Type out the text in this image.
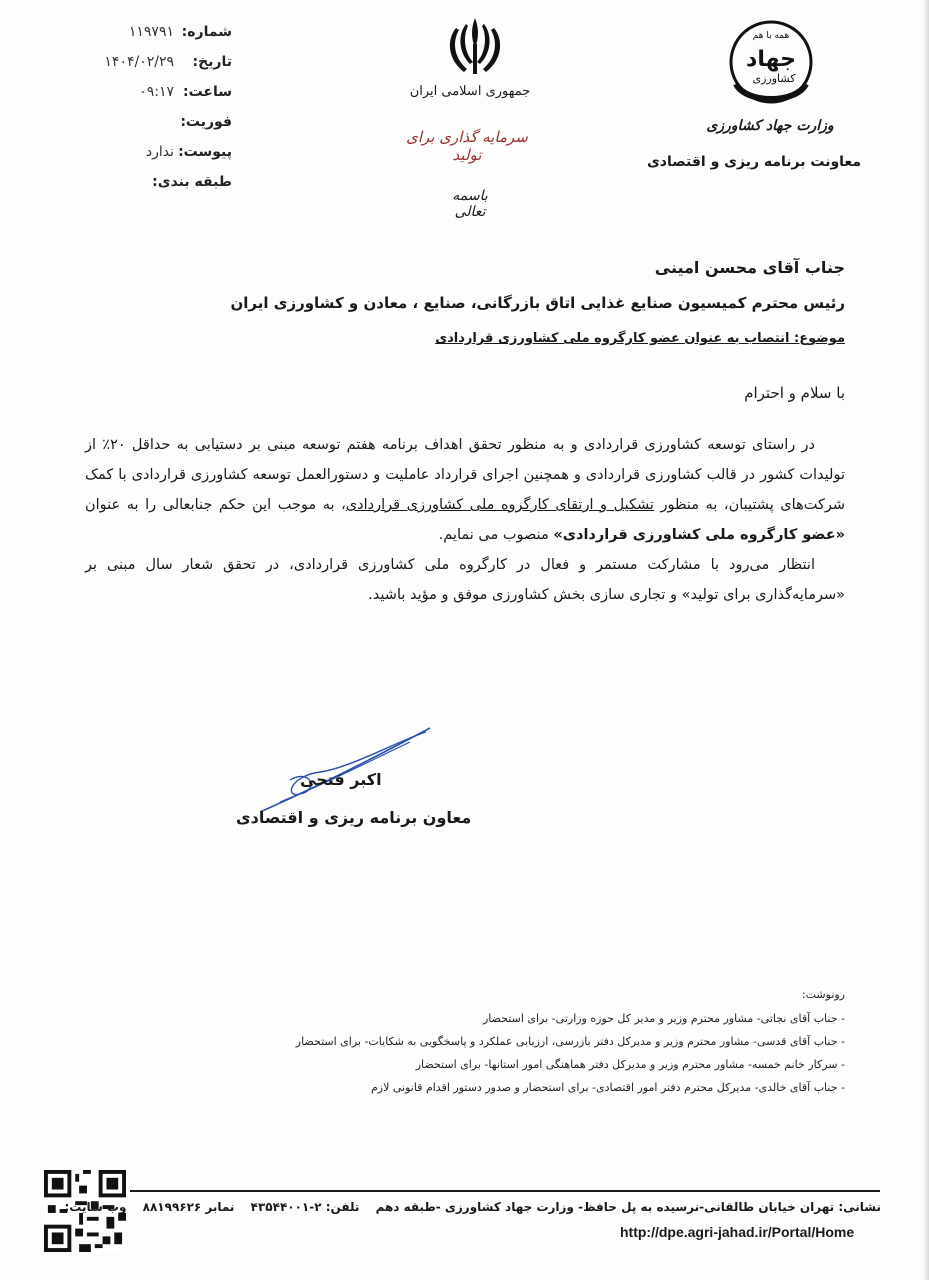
شماره:
۱۱۹۷۹۱
تاریخ:
۱۴۰۴/۰۲/۲۹
ساعت:
۰۹:۱۷
فوریت:
پیوست:
ندارد
طبقه بندی:
جمهوری اسلامی ایران
سرمایه گذاری برای تولید
باسمه تعالی
همه با هم
جهاد
کشاورزی
وزارت جهاد کشاورزی
معاونت برنامه ریزی و اقتصادی
جناب آقای محسن امینی
رئیس محترم کمیسیون صنایع غذایی اتاق بازرگانی، صنایع ، معادن و کشاورزی ایران
موضوع: انتصاب به عنوان عضو کارگروه ملی کشاورزی قراردادی
با سلام و احترام

در راستای توسعه کشاورزی قراردادی و به منظور تحقق اهداف برنامه هفتم توسعه مبنی بر دستیابی به حداقل ۲۰٪ از تولیدات کشور در قالب کشاورزی قراردادی و همچنین اجرای قرارداد عاملیت و دستورالعمل توسعه کشاورزی قراردادی با کمک شرکت‌های پشتیبان، به منظور تشکیل و ارتقای کارگروه ملی کشاورزی قراردادی، به موجب این حکم جنابعالی را به عنوان «عضو کارگروه ملی کشاورزی قراردادی» منصوب می نمایم.

انتظار می‌رود با مشارکت مستمر و فعال در کارگروه ملی کشاورزی قراردادی، در تحقق شعار سال مبنی بر «سرمایه‌گذاری برای تولید» و تجاری سازی بخش کشاورزی موفق و مؤید باشید.

اکبر فتحی
معاون برنامه ریزی و اقتصادی
رونوشت:
- جناب آقای نجاتی- مشاور محترم وزیر و مدیر کل حوزه وزارتی- برای استحضار
- جناب آقای قدسی- مشاور محترم وزیر و مدیرکل دفتر بازرسی، ارزیابی عملکرد و پاسخگویی به شکایات- برای استحضار
- سرکار خانم خمسه- مشاور محترم وزیر و مدیرکل دفتر هماهنگی امور استانها- برای استحضار
- جناب آقای خالدی- مدیرکل محترم دفتر امور اقتصادی- برای استحضار و صدور دستور اقدام قانونی لازم
نشانی: تهران خیابان طالقانی-نرسیده به پل حافظ- وزارت جهاد کشاورزی -طبقه دهم تلفن: ۲-۴۳۵۴۴۰۰۱ نمابر ۸۸۱۹۹۶۲۶ وب سایت:
http://dpe.agri-jahad.ir/Portal/Home
